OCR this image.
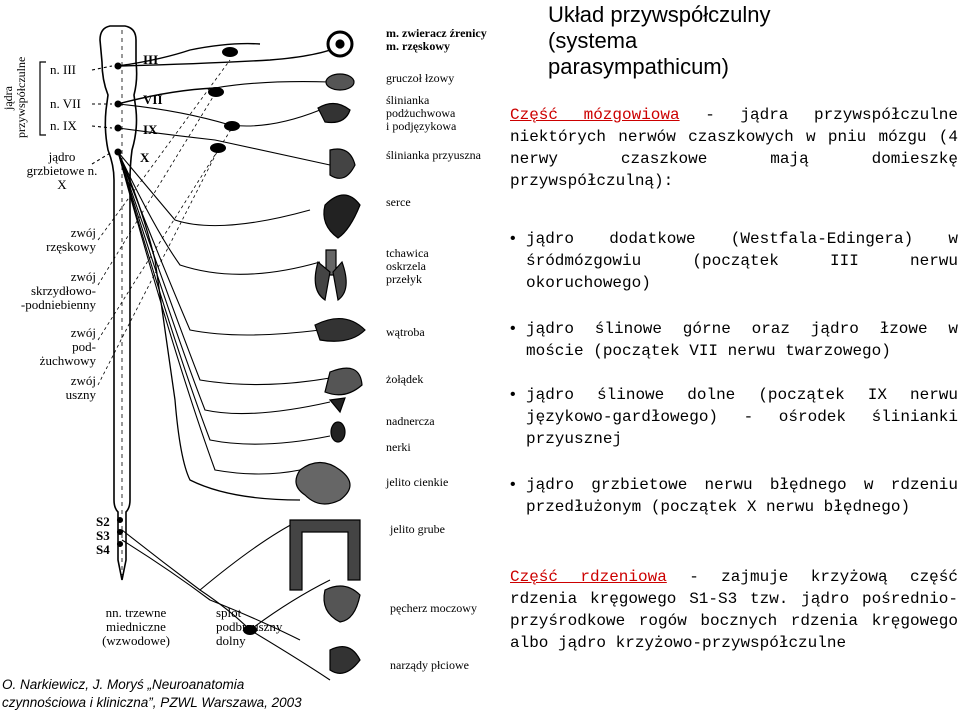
III
VII
IX
X
S2
S3
S4
jądra
przywspółczulne	n. III
n. VII
n. IX
jądro
grzbietowe n. X
zwój
rzęskowy
zwój
skrzydłowo-
-podniebienny
zwój
pod-
żuchwowy
zwój
uszny
nn. trzewne
miedniczne
(wzwodowe)
splot
podbrzuszny
dolny
m. zwieracz źrenicy
m. rzęskowy
gruczoł łzowy
ślinianka
podżuchwowa
i podjęzykowa
ślinianka przyuszna
serce
tchawica
oskrzela
przełyk
wątroba
żołądek
nadnercza
nerki
jelito cienkie
jelito grube
pęcherz moczowy
narządy płciowe
O. Narkiewicz, J. Moryś „Neuroanatomia
czynnościowa i kliniczna”, PZWL Warszawa, 2003
Układ przywspółczulny
(systema
parasympathicum)
Część mózgowiowa - jądra przywspółczulne niektórych nerwów czaszkowych w pniu mózgu (4 nerwy czaszkowe mają domieszkę przywspółczulną):
• jądro dodatkowe (Westfala-Edingera) w śródmózgowiu (początek III nerwu okoruchowego)
• jądro ślinowe górne oraz jądro łzowe w moście (początek VII nerwu twarzowego)
• jądro ślinowe dolne (początek IX nerwu językowo-gardłowego) - ośrodek ślinianki przyusznej
• jądro grzbietowe nerwu błędnego w rdzeniu przedłużonym (początek X nerwu błędnego)
Część rdzeniowa - zajmuje krzyżową część rdzenia kręgowego S1-S3 tzw. jądro pośrednio-przyśrodkowe rogów bocznych rdzenia kręgowego albo jądro krzyżowo-przywspółczulne
